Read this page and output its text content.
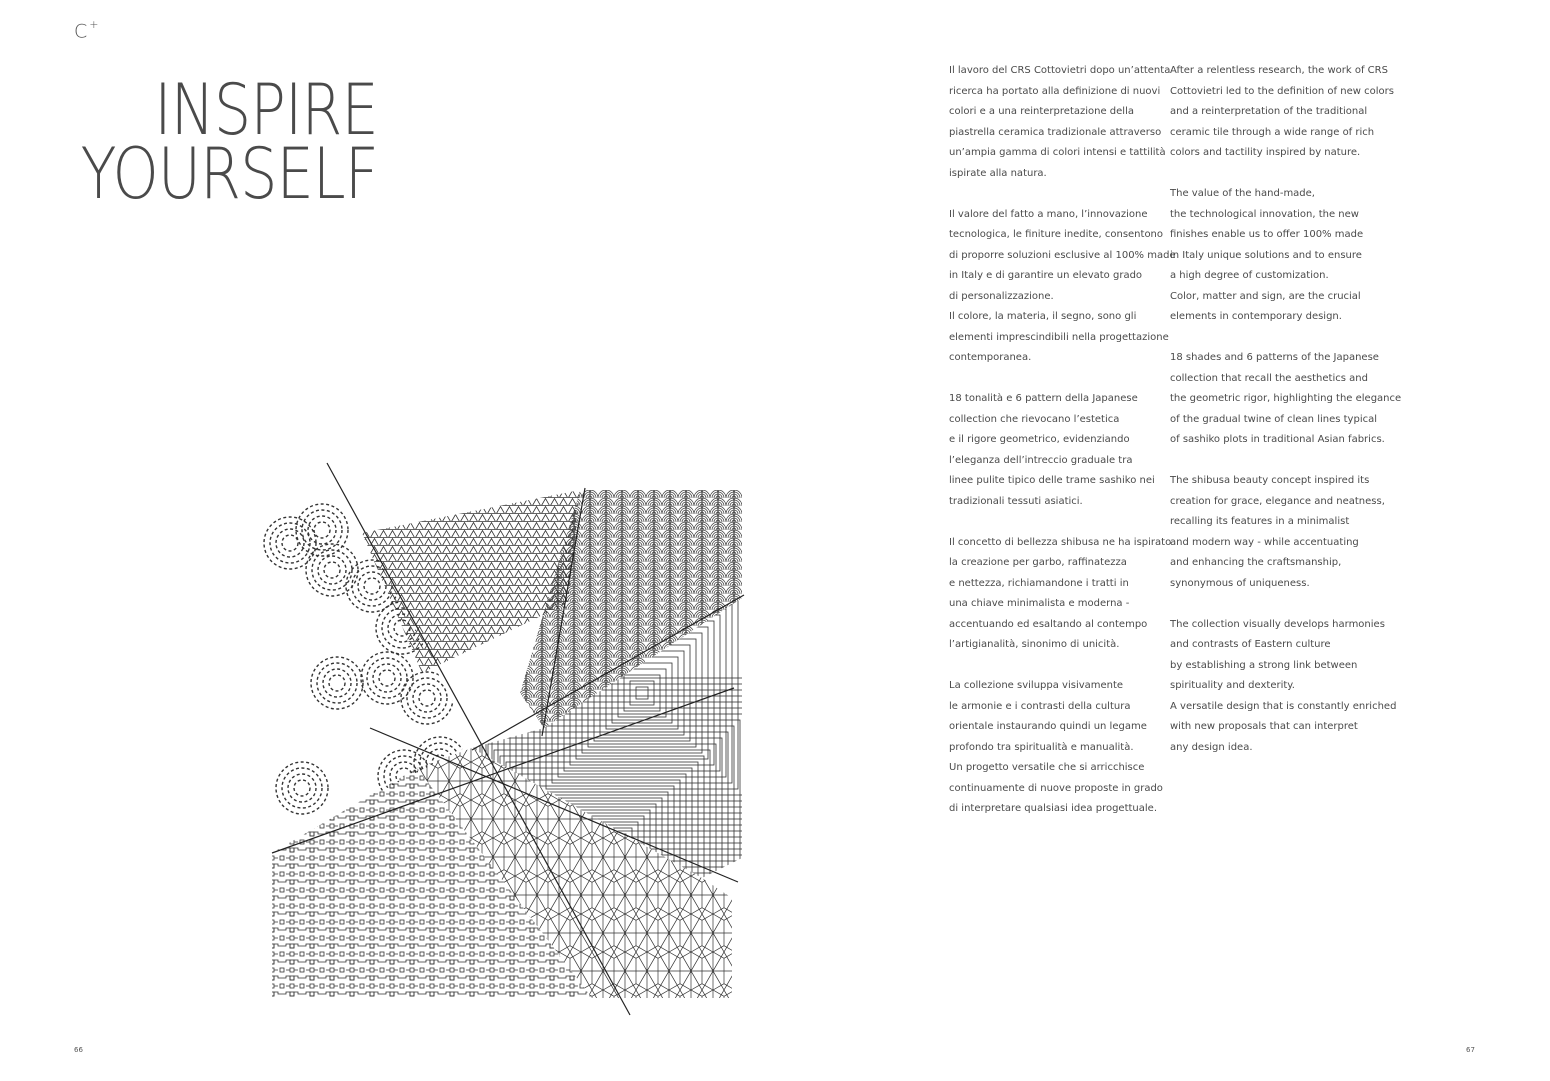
C+
INSPIRE
YOURSELF
Il lavoro del CRS Cottovietri dopo un’attenta
ricerca ha portato alla definizione di nuovi
colori e a una reinterpretazione della
piastrella ceramica tradizionale attraverso
un’ampia gamma di colori intensi e tattilità
ispirate alla natura.
Il valore del fatto a mano, l’innovazione
tecnologica, le finiture inedite, consentono
di proporre soluzioni esclusive al 100% made
in Italy e di garantire un elevato grado
di personalizzazione.
Il colore, la materia, il segno, sono gli
elementi imprescindibili nella progettazione
contemporanea.
18 tonalità e 6 pattern della Japanese
collection che rievocano l’estetica
e il rigore geometrico, evidenziando
l’eleganza dell’intreccio graduale tra
linee pulite tipico delle trame sashiko nei
tradizionali tessuti asiatici.
Il concetto di bellezza shibusa ne ha ispirato
la creazione per garbo, raffinatezza
e nettezza, richiamandone i tratti in
una chiave minimalista e moderna -
accentuando ed esaltando al contempo
l’artigianalità, sinonimo di unicità.
La collezione sviluppa visivamente
le armonie e i contrasti della cultura
orientale instaurando quindi un legame
profondo tra spiritualità e manualità.
Un progetto versatile che si arricchisce
continuamente di nuove proposte in grado
di interpretare qualsiasi idea progettuale.
After a relentless research, the work of CRS
Cottovietri led to the definition of new colors
and a reinterpretation of the traditional
ceramic tile through a wide range of rich
colors and tactility inspired by nature.
The value of the hand-made,
the technological innovation, the new
finishes enable us to offer 100% made
in Italy unique solutions and to ensure
a high degree of customization.
Color, matter and sign, are the crucial
elements in contemporary design.
18 shades and 6 patterns of the Japanese
collection that recall the aesthetics and
the geometric rigor, highlighting the elegance
of the gradual twine of clean lines typical
of sashiko plots in traditional Asian fabrics.
The shibusa beauty concept inspired its
creation for grace, elegance and neatness,
recalling its features in a minimalist
and modern way - while accentuating
and enhancing the craftsmanship,
synonymous of uniqueness.
The collection visually develops harmonies
and contrasts of Eastern culture
by establishing a strong link between
spirituality and dexterity.
A versatile design that is constantly enriched
with new proposals that can interpret
any design idea.
66	67
